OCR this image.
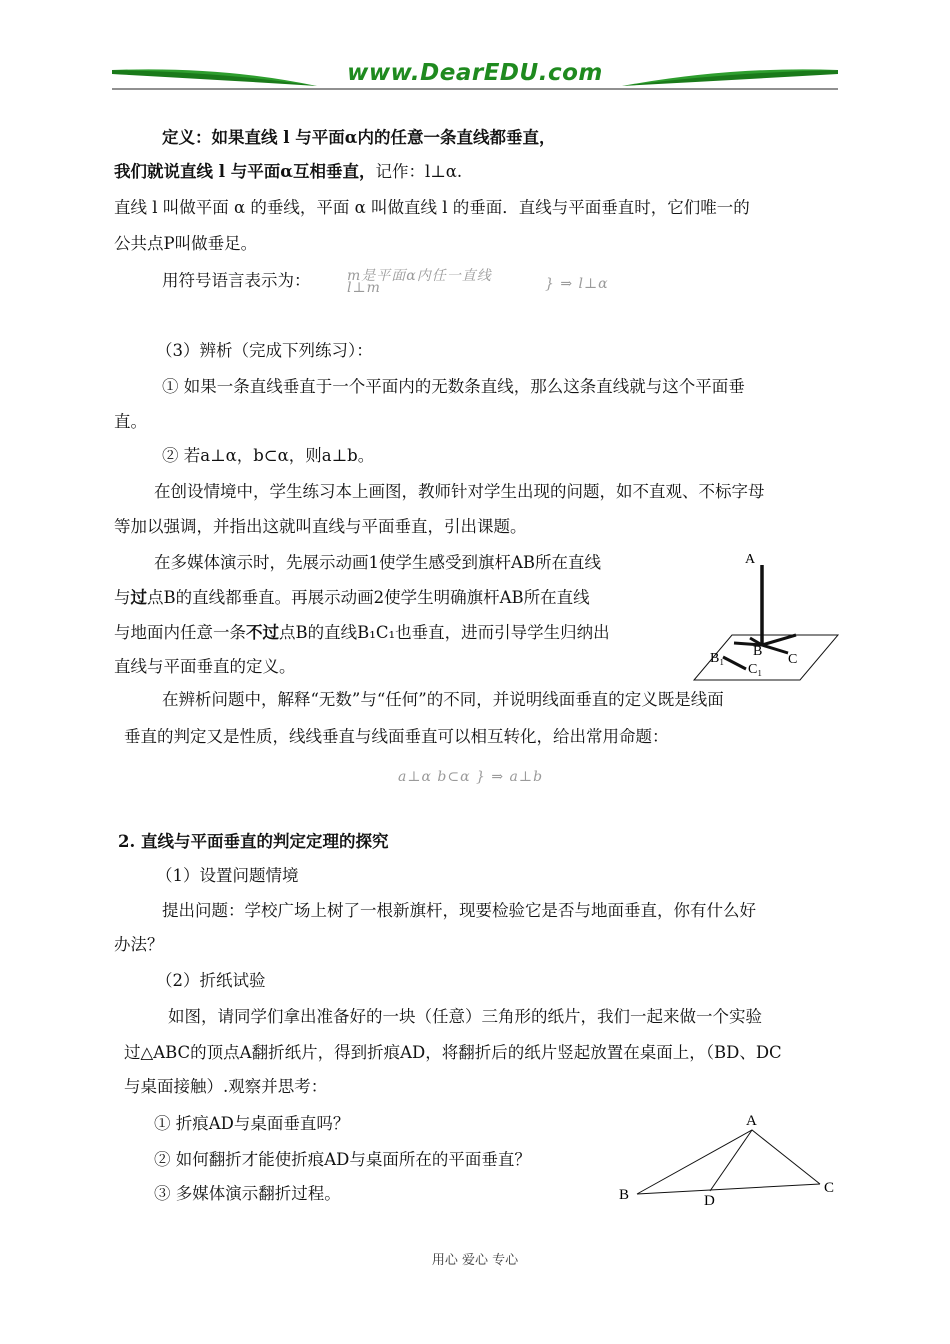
www.DearEDU.com
定义：如果直线 l 与平面α内的任意一条直线都垂直，
我们就说直线 l 与平面α互相垂直，记作：l⊥α.
直线 l 叫做平面 α 的垂线，平面 α 叫做直线 l 的垂面．直线与平面垂直时，它们唯一的
公共点P叫做垂足。
用符号语言表示为：	m是平面α内任一直线
l⊥m	} ⇒ l⊥α
（3）辨析（完成下列练习）：
① 如果一条直线垂直于一个平面内的无数条直线，那么这条直线就与这个平面垂
直。
② 若a⊥α，b⊂α，则a⊥b。
在创设情境中，学生练习本上画图，教师针对学生出现的问题，如不直观、不标字母
等加以强调，并指出这就叫直线与平面垂直，引出课题。
在多媒体演示时，先展示动画1使学生感受到旗杆AB所在直线
与过点B的直线都垂直。再展示动画2使学生明确旗杆AB所在直线
与地面内任意一条不过点B的直线B₁C₁也垂直，进而引导学生归纳出
直线与平面垂直的定义。
A
B
B₁
C₁
C
在辨析问题中，解释“无数”与“任何”的不同，并说明线面垂直的定义既是线面
垂直的判定又是性质，线线垂直与线面垂直可以相互转化，给出常用命题：
a⊥α b⊂α } ⇒ a⊥b
2. 直线与平面垂直的判定定理的探究
（1）设置问题情境
提出问题：学校广场上树了一根新旗杆，现要检验它是否与地面垂直，你有什么好
办法？
（2）折纸试验
如图，请同学们拿出准备好的一块（任意）三角形的纸片，我们一起来做一个实验
过△ABC的顶点A翻折纸片，得到折痕AD，将翻折后的纸片竖起放置在桌面上，（BD、DC
与桌面接触）.观察并思考：
① 折痕AD与桌面垂直吗？
② 如何翻折才能使折痕AD与桌面所在的平面垂直？
③ 多媒体演示翻折过程。
A
B	C
D
用心 爱心 专心
